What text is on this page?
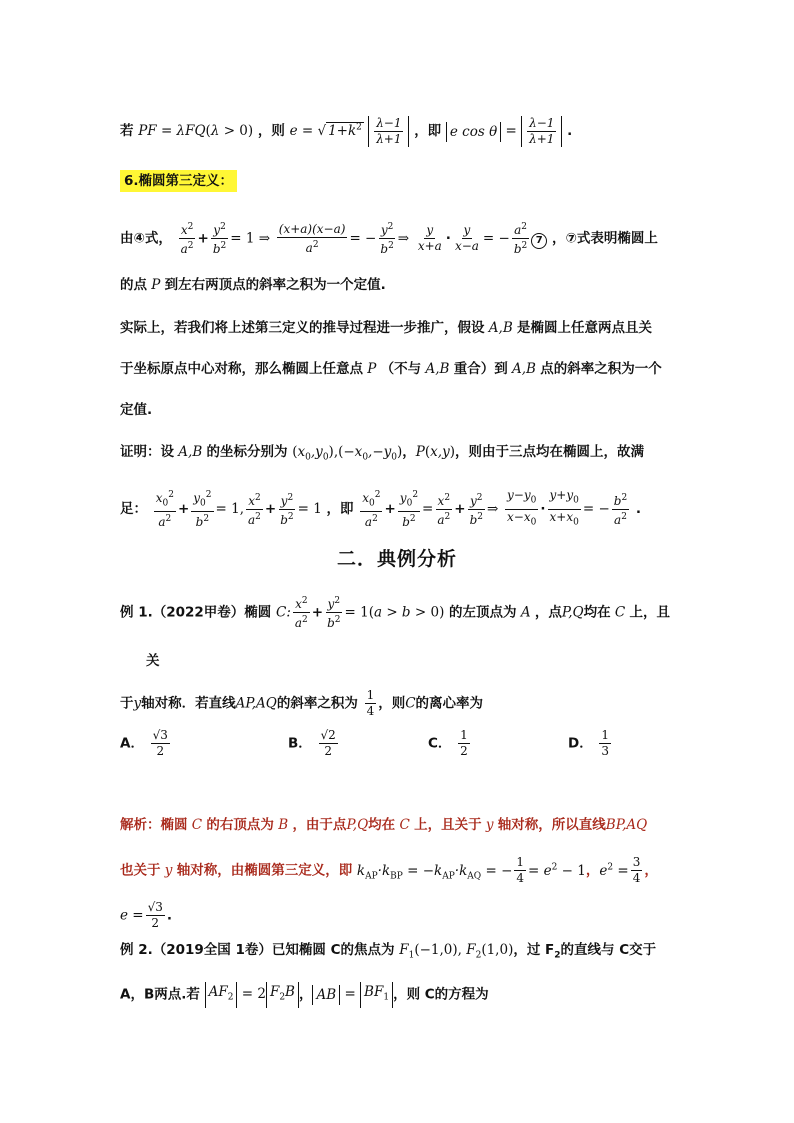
若 PF = λFQ(λ > 0) ，则 e = √ $1+k^2 \frac{\lambda-1}{\lambda+1}$ ，即 e $\cos \theta = \frac{\lambda-1}{\lambda+1}$ .
6.椭圆第三定义：
由④式， $\frac{x^2}{a^2} + \frac{y^2}{b^2} = 1$ ⇒ $\frac{(x+a)(x-a)}{a^2}$ = − $\frac{y^2}{b^2}$ ⇒ $\frac{y}{x+a} \cdot \frac{y}{x-a}$ = − $\frac{a^2}{b^2} 7$ ，⑦式表明椭圆上
的点 P 到左右两顶点的斜率之积为一个定值.
实际上，若我们将上述第三定义的推导过程进一步推广，假设 A,B 是椭圆上任意两点且关
于坐标原点中心对称，那么椭圆上任意点 P （不与 A,B 重合）到 A,B 点的斜率之积为一个
定值.
证明：设 A,B 的坐标分别为 $(x_0,y_0),(-x_0,-y_0)$，P(x,y)，则由于三点均在椭圆上，故满
足： $\frac{x_0^2}{a^2} + \frac{y_0^2}{b^2} = 1$, $\frac{x^2}{a^2} + \frac{y^2}{b^2} = 1$ ，即 $\frac{x_0^2}{a^2} + \frac{y_0^2}{b^2} = \frac{x^2}{a^2} + \frac{y^2}{b^2}$ ⇒ $\frac{y-y_0}{x-x_0} \cdot \frac{y+y_0}{x+x_0}$ = − $\frac{b^2}{a^2}$ .
二．典例分析
例 1.（2022甲卷）椭圆 C: $\frac{x^2}{a^2} + \frac{y^2}{b^2} = 1(a > b > 0)$ 的左顶点为 A ，点P,Q均在 C 上，且
关
于y轴对称．若直线AP,AQ的斜率之积为 $\frac{1}{4}$ ，则C的离心率为
A． $\frac{√3}{2}$	B． $\frac{√2}{2}$	C． $\frac{1}{2}$	D． $\frac{1}{3}$
解析：椭圆 C 的右顶点为 B ，由于点P,Q均在 C 上，且关于 y 轴对称，所以直线BP,AQ
也关于 y 轴对称，由椭圆第三定义，即 $k_{AP}\cdot k_{BP} = -k_{AP}\cdot k_{AQ}$ = − $\frac{1}{4} = e^2 - 1$，$e^2 = \frac{3}{4}$ ，
$e = \frac{√3}{2}$ .
例 2.（2019全国 1卷）已知椭圆 C的焦点为 $F_1(-1,0)$, $F_2(1,0)$，过 $F_2$的直线与 C交于
A，B两点.若 $AF_2 = 2$ $F_2B$ ， AB = $BF_1$ ，则 C的方程为
